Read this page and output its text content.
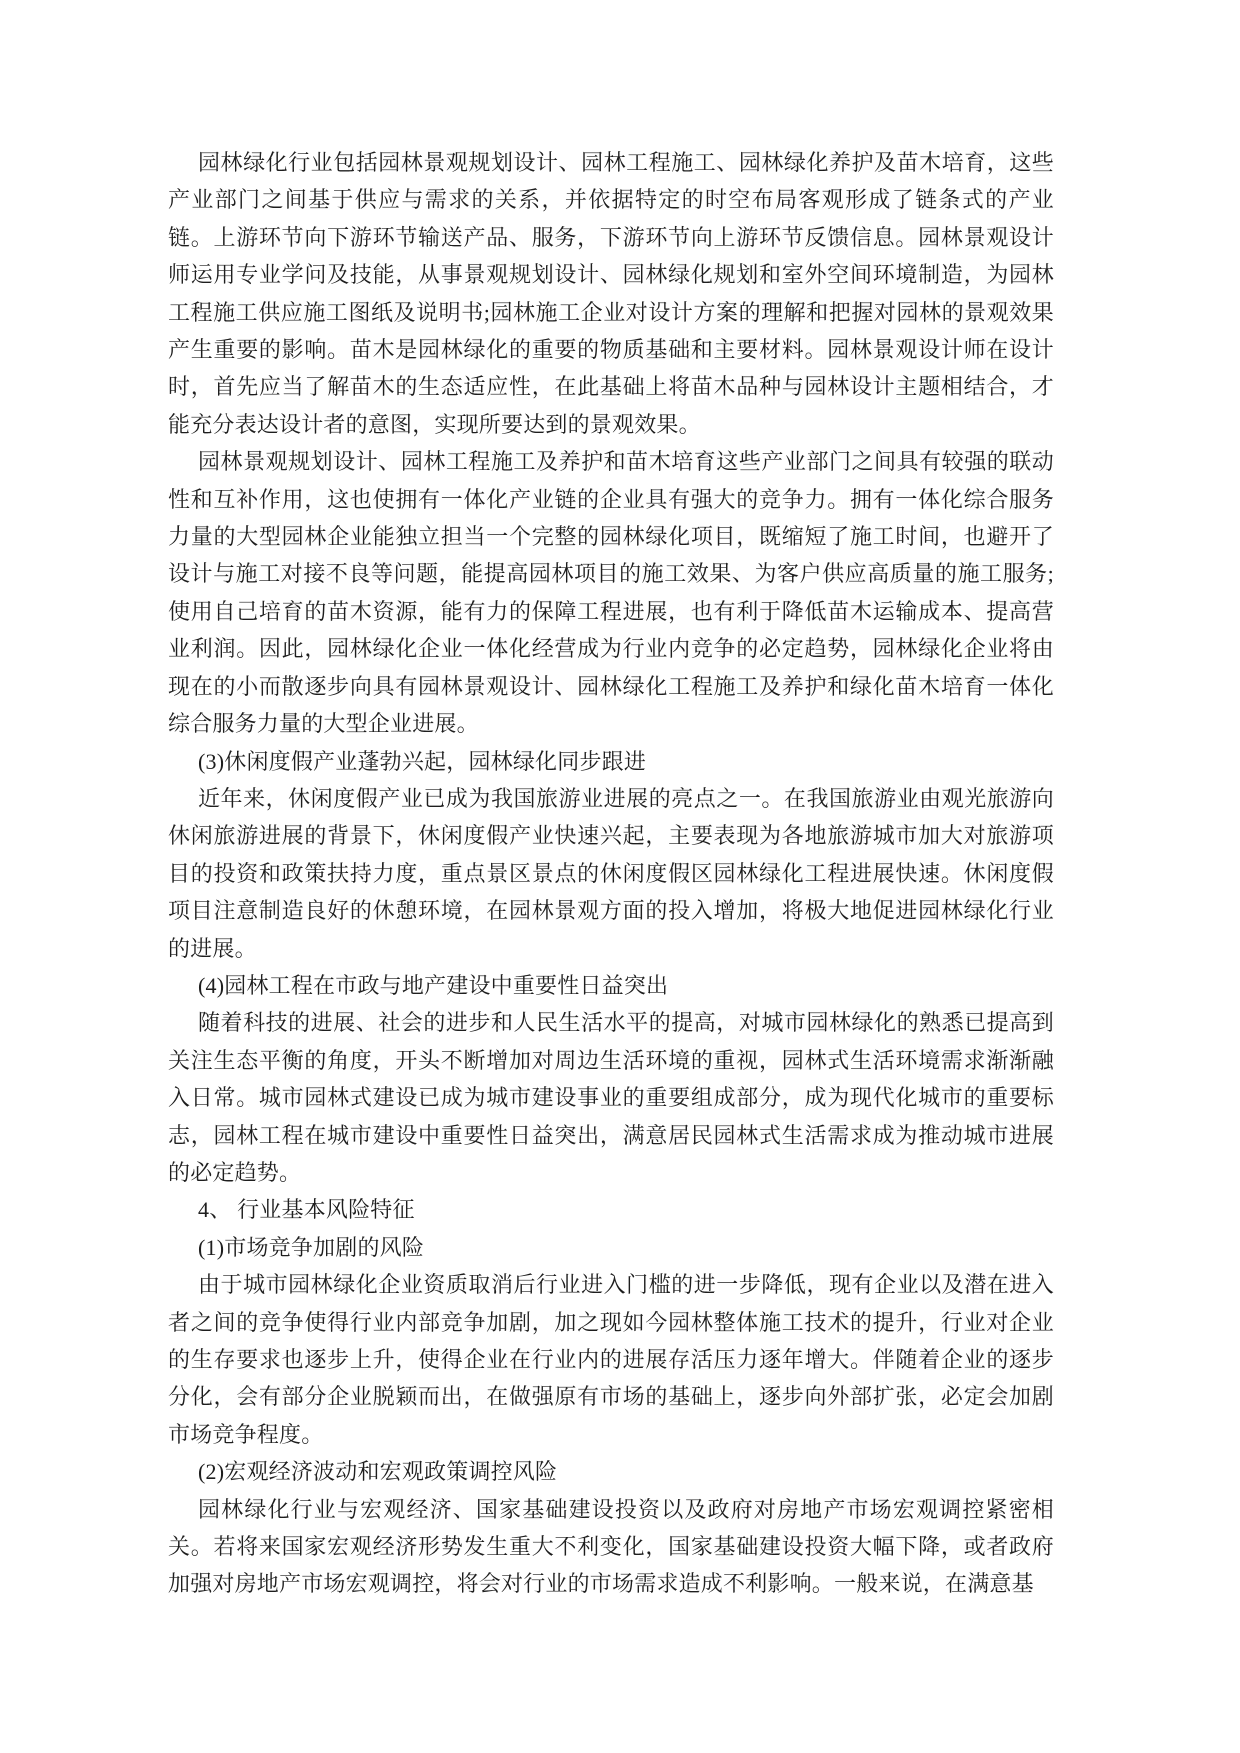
园林绿化行业包括园林景观规划设计、园林工程施工、园林绿化养护及苗木培育，这些产业部门之间基于供应与需求的关系，并依据特定的时空布局客观形成了链条式的产业链。上游环节向下游环节输送产品、服务，下游环节向上游环节反馈信息。园林景观设计师运用专业学问及技能，从事景观规划设计、园林绿化规划和室外空间环境制造，为园林工程施工供应施工图纸及说明书;园林施工企业对设计方案的理解和把握对园林的景观效果产生重要的影响。苗木是园林绿化的重要的物质基础和主要材料。园林景观设计师在设计时，首先应当了解苗木的生态适应性，在此基础上将苗木品种与园林设计主题相结合，才能充分表达设计者的意图，实现所要达到的景观效果。

园林景观规划设计、园林工程施工及养护和苗木培育这些产业部门之间具有较强的联动性和互补作用，这也使拥有一体化产业链的企业具有强大的竞争力。拥有一体化综合服务力量的大型园林企业能独立担当一个完整的园林绿化项目，既缩短了施工时间，也避开了设计与施工对接不良等问题，能提高园林项目的施工效果、为客户供应高质量的施工服务;使用自己培育的苗木资源，能有力的保障工程进展，也有利于降低苗木运输成本、提高营业利润。因此，园林绿化企业一体化经营成为行业内竞争的必定趋势，园林绿化企业将由现在的小而散逐步向具有园林景观设计、园林绿化工程施工及养护和绿化苗木培育一体化综合服务力量的大型企业进展。

(3)休闲度假产业蓬勃兴起，园林绿化同步跟进

近年来，休闲度假产业已成为我国旅游业进展的亮点之一。在我国旅游业由观光旅游向休闲旅游进展的背景下，休闲度假产业快速兴起，主要表现为各地旅游城市加大对旅游项目的投资和政策扶持力度，重点景区景点的休闲度假区园林绿化工程进展快速。休闲度假项目注意制造良好的休憩环境，在园林景观方面的投入增加，将极大地促进园林绿化行业的进展。

(4)园林工程在市政与地产建设中重要性日益突出

随着科技的进展、社会的进步和人民生活水平的提高，对城市园林绿化的熟悉已提高到关注生态平衡的角度，开头不断增加对周边生活环境的重视，园林式生活环境需求渐渐融入日常。城市园林式建设已成为城市建设事业的重要组成部分，成为现代化城市的重要标志，园林工程在城市建设中重要性日益突出，满意居民园林式生活需求成为推动城市进展的必定趋势。

4、 行业基本风险特征

(1)市场竞争加剧的风险

由于城市园林绿化企业资质取消后行业进入门槛的进一步降低，现有企业以及潜在进入者之间的竞争使得行业内部竞争加剧，加之现如今园林整体施工技术的提升，行业对企业的生存要求也逐步上升，使得企业在行业内的进展存活压力逐年增大。伴随着企业的逐步分化，会有部分企业脱颖而出，在做强原有市场的基础上，逐步向外部扩张，必定会加剧市场竞争程度。

(2)宏观经济波动和宏观政策调控风险

园林绿化行业与宏观经济、国家基础建设投资以及政府对房地产市场宏观调控紧密相关。若将来国家宏观经济形势发生重大不利变化，国家基础建设投资大幅下降，或者政府加强对房地产市场宏观调控，将会对行业的市场需求造成不利影响。一般来说，在满意基
